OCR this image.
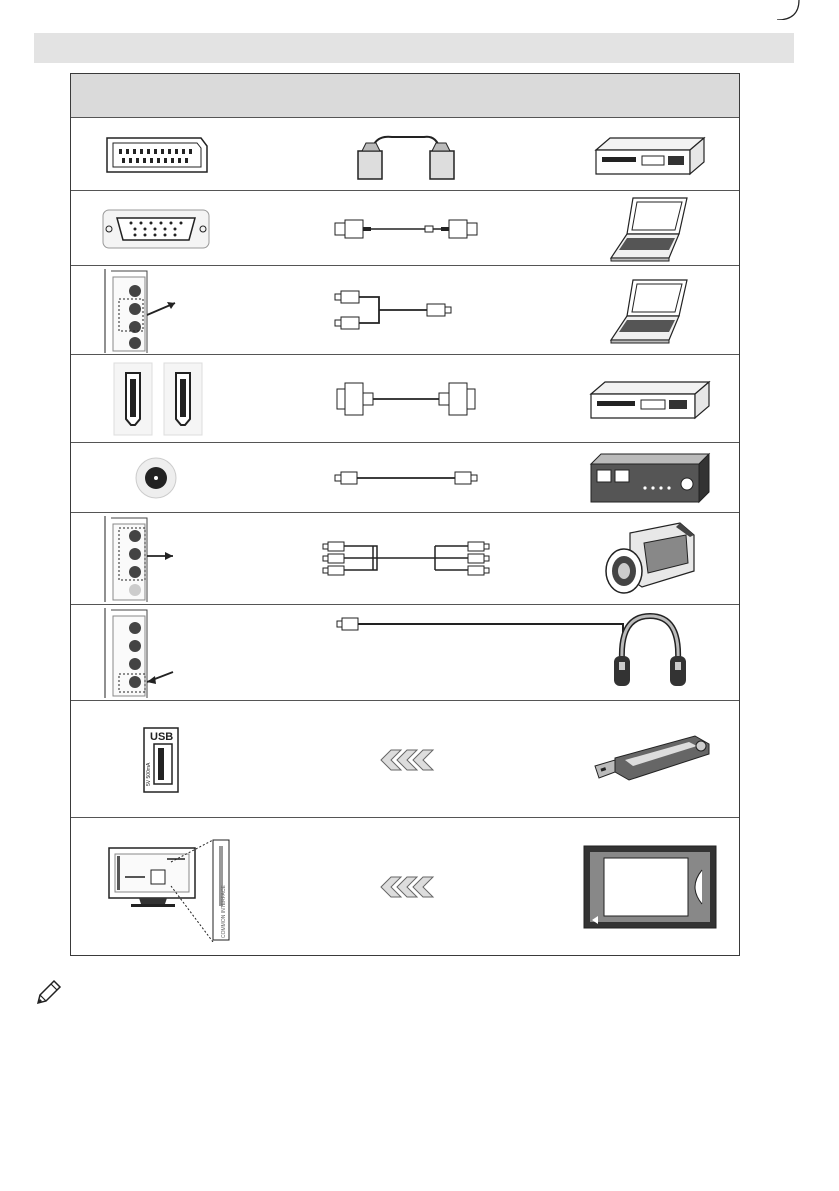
USB
5V 500mA
COMMON INTERFACE
